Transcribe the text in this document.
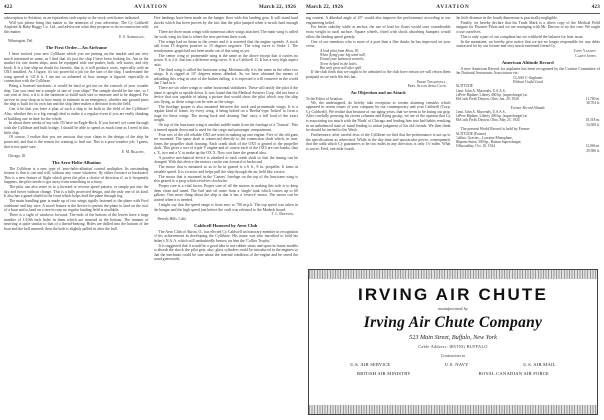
422	AVIATION	March 22, 1926

subscription to Aviation, as an equivalent cash equity to the stock certificates indicated.

Will you please bring this matter to the attention of your advertiser, The Cy Caldwell Airplane & Baby Buggy Co. Ltd., and advise me what they propose to do in connection with this matter.

E. S. Ambrosus,
Wilmington, Del.
The First Order—An Airframe

I have noticed your new Cyllibrae which you are putting on the market and am very much interested in same, as I find that it's just the ship I have been looking for. Am in the market for one dozen ships, must be equipped with one pusher, both, self starter, and oily book. It is a fine ship no doubt for Jazzeitt, that is, it will produce races, especially with an OX5 installed. As I figure, it's too powerful a job for the size of the ship. I understand the wing spread is 121.6 ft. I am not so ashamed of how strange is figured, especially in connection with the Cyllibrae.

Being a licensed mechanic, it would be hard to get me on the controls of your wonder ship. Can you send me a sample of one of your ships? The sample should be the size, so I can visit at first, a if it is the intention to build such size to measure and to be shipped. For service in your shop as to how many to estimate in an emergency, whether any ground parts the ship is built for its own fun and the ship there makes a decision from the field.

Can it be that you have a plan of such a ship to be built in the field of the Cyllibrae? Also, whether this is a big enough deal to make it a regular event if you are really thinking of building one in time for the whole.

In about three weeks of my sale, I'll have an Eagle-Rock. If you haven't yet come through with the Cyllibrae and built bridge, I should be able to spend as much time as I need in this little ship.

Of course, I realize that you are anxious that your claim to the design of the ship be protected, and that is the reason for wanting to find out. This is a poor-weather job, I guess, that is not quite sure.

E. M. Braden,
Chicago, Ill.
The Aero-Helio-Albatian

The Cyllibrae is a new type of 'aero-helio-albatian' control multiplier. Its outstanding feature is that it can and will, without any cause whatever, fly either forward or backward. This is a new feature of flight which gives the pilot a choice of direction if, as it frequently happens, the pilot needs to get away from something in a hurry.

The pilot can also retire in to a forward or reverse speed pattern, or simply put into the sky and hover without change. This is a fully protected design, and the only one of its kind. It also has a guard shield in the front which helps lead the plane through fog.

The main handling gear is made up of two wings rigidly fastened to the plane with Ford wishbone and bay wire. A novel feature is the device to permit the plane to land on the roof of a barn and to land on a tree in case no regular landing field is available.

There is a sight of windows forward. The ends of the bottom of the leaves have a large number of 1/10th inch holes in them which are inserted in the bottom. The manner of inserting is quite similar to that of a thread-bearing. Holes are drilled into the bottom of the boat and the ball inserted; then the hole is slightly pulled in after the ball.

Five landings have been made on the hanger floor with this landing gear. It will stand hard shocks which has been proven by the fact that the pilot jumped when it struck hard enough yet.

There are three main wings with numerous other wings attached. The main wing is called the work wing for that is where the new perform their work.

The wings had no beam in the center and it is asserted that the engine spreads. A stock ball from 15 degrees positive to 15 degrees negative. The wing curve is Stoke 1. The aerodynamic graph had not been made out of this wing as yet.

The center wing or promenade wing is the same as the above except that it carries no power. It is 2 ft. that has a different wing curve. It is a Caldwell 11. It has a very high aspect ratio.

The third wing is called the hurricane wing. Mechanically it is the same as the other two wings. It is rigged at 10° degrees minus dihedral. So we have obtained the means of unloading this wing in case of the brakes failing; it is expected it will conserve in the world that I had in it.

There are six other wings or rather horizontal stabilizers. These will notify the pilot if the plane is upright or upside down. It was found that the Medical Aviators Corp. did not have a device that was capable of taking a picture that would show the pilot which way the ship was flying, so these wings can be seen as the wings.

The fuselage proper is also mounted between the work and promenade wings. It is a regular kind of frame, by every wing, it being bolted on a 'Bertha'-type 'bolted' to form a stage for these wings. The strong back and clearing 'line' carry a full load of the exact weight.

On top of the hurricane wing is another saddle made from the fuselage of a 'Tomcat'. This is turned upside down and is used for the cargo and passenger compartment.

Four sets of the old reliable OX5 are used in making up one engine. Five of the old guns are mounted. The spear shaft is connected directly to the connection shaft which, in turn, forms the propeller shaft housing. Each crank shaft of the OX5 is geared to the propeller shaft. This gives a sort of triple V engine and of course each of the OX5 are two banks, thus a, X, two and a V, to make up the OX X. Now you have the general idea.

A positive mechanical device is attached to each crank shaft so that the timing can be changed. With this device the motors can be run forward or backward.

The motor that is mounted so as to be in geared is a 6 ft., 8 in. propeller. It turns at variable speed. It is a tractor and helps pull the ship through the air, held like a noise.

The motor that is mounted in the 'Canary' fuselage on the top of the hurricane wing is also geared to a prop which revolves clockwise.

Proper care is a vital factor. Proper care of all the motors in making this sole is to keep them clean and tuned. The fuel and oil come from a 'single' tank which carries up to 60 gallons. One more thing about the ship is that it has a 'reserve' motor. The motor can be started when it is needed.

I might say that the speed range is from zero to 700 m.p.h. The top speed was taken in the hangar and the high speed just before the craft was released to the Madeck board.

T. L. Dressen,
Beverly Hills, Calif.
Caldwell Honored by Aero Club

The Aero Club of Akron, O., has elected Cy Caldwell an honorary member in recognition of his achievement in developing the Cyllibrae. His name was also inscribed to hold his father's N.A.A. which will undoubtedly bestow on him the 'Collier Trophy.'

It is suggested that it would be a good idea to use rubber struts and spars in future models to absorb the shock the pilot gets, also, glass cylinders could be introduced in the engines so that the mechanic could be sure about the internal condition of the engine and be saved the usual guesswork.

March 22, 1926	AVIATION	423

ing contest. A dihedral angle of 45° would also improve the performance according to our engineering belief.

For better stability while at anchor, the use of lead for floats would save considerable extra weight in rural surface. Square wheels, fitted with shock absorbing bumpers would allow the landing speed greatly.

One of our members who is more of a poet than a flier thinks he has improved on your verse.

A look pilot from Alton, Ill.
When flying your big wind mill,
Found your balanced controls,
Never helped in the holes.
But only grow still after spill.

If the club finds that we ought to be admitted to the club have reason we will return them postpaid as we each file this hat.

Eddie Treadwell,
Pres. Alton Aero Club.
An Objection and an Attack
To the Editor of Aviation:

We, the undersigned, do hereby take exception to certain alarming remarks which appeared in recent issues of your company by our contemporary and your Caldwell (Corp. Cy Caldwell). We realize that because of our aging years, that we seem to be losing our grip. After carefully perusing his recent columns and flying gossip, we are of the opinion that Cy is associating too much with the 'Buds' of Chicago and leading him into bad habits resulting in an unbalanced state of mind leading to unfair judgment of his old friends. We then think he should be invited to the Wash.

Furthermore, after careful tests of the Cyllibrae we find that the performance is not up to the specifications as advertised. While in the day-time and spectacular power, consequently that the walk which Cy guarantees to be two miles in any direction, is only 1½ miles. What is worse, Fred, one mile fourth,

the little distance in the fourth dimension is practically negligible.

Finally, we hereby declare that his Trade Mark is a direct copy of the Medical Field insignia for Disaster Pilots and we are arranging with Mr. Darrow to try the case. We ought to use ourselves.

This is only a part of our complaint but we withhold the balance for later issue.

In the meantime, we hereby give notice that we are no longer responsible for any debts contracted for by our former and very much esteemed friend Cy.

Tony Yanney
Carey Jones
American Altitude Record

A new American Record for airplanes has been recognized by the Contest Committee of the National Aeronautic Association viz:

CLASS C-Airplanes
Without Useful Load
ALTITUDE
Lieut. John A. Macready, U.S.A.S.,
LePere Biplane, Liberty 400 hp. (supercharger) at
McCook Field, Dayton, Ohio, Jan. 29, 1926	11,780 m.
38,704 ft.
Former Record Altitude
Lieut. John A. Macready, U.S.A.S.,
LePere Biplane, Liberty 400 hp. (supercharger) at
McCook Field, Dayton, Ohio, May 25, 1924	10,518 m.
34,508 ft.

The present World Record is held by France:

ALTITUDE (France)
Callizo, Gravier—Lorraine Monoplane,
Hispano Suiza, 300 hp., Rateau Supercharger,
Villacoublay, Oct. 10, 1924	12,066 m.
39,586 ft.
IRVING AIR CHUTE
manufactured by
Irving Air Chute Company
523 Main Street, Buffalo, New York
Cable Address: IRVING BUFFALO
Contractors to
U.S. AIR SERVICE	U.S. NAVY	U.S. AIR MAIL
BRITISH AIR MINISTRY	ROYAL CANADIAN AIR FORCE
